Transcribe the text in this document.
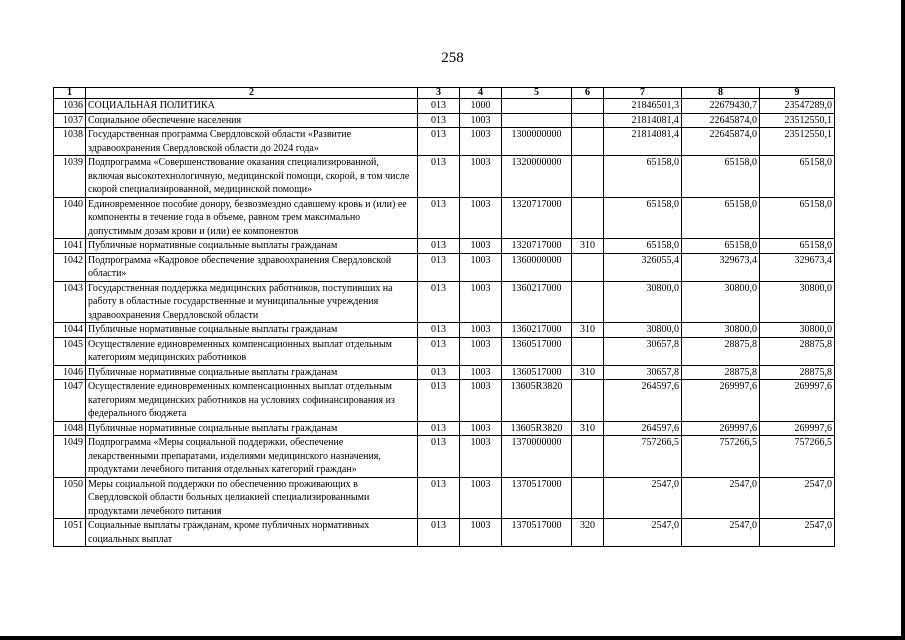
258
1	2	3	4	5	6	7	8	9
1036	СОЦИАЛЬНАЯ ПОЛИТИКА	013	1000			21846501,3	22679430,7	23547289,0
1037	Социальное обеспечение населения	013	1003			21814081,4	22645874,0	23512550,1
1038	Государственная программа Свердловской области «Развитие здравоохранения Свердловской области до 2024 года»	013	1003	1300000000		21814081,4	22645874,0	23512550,1
1039	Подпрограмма «Совершенствование оказания специализированной, включая высокотехнологичную, медицинской помощи, скорой, в том числе скорой специализированной, медицинской помощи»	013	1003	1320000000		65158,0	65158,0	65158,0
1040	Единовременное пособие донору, безвозмездно сдавшему кровь и (или) ее компоненты в течение года в объеме, равном трем максимально допустимым дозам крови и (или) ее компонентов	013	1003	1320717000		65158,0	65158,0	65158,0
1041	Публичные нормативные социальные выплаты гражданам	013	1003	1320717000	310	65158,0	65158,0	65158,0
1042	Подпрограмма «Кадровое обеспечение здравоохранения Свердловской области»	013	1003	1360000000		326055,4	329673,4	329673,4
1043	Государственная поддержка медицинских работников, поступивших на работу в областные государственные и муниципальные учреждения здравоохранения Свердловской области	013	1003	1360217000		30800,0	30800,0	30800,0
1044	Публичные нормативные социальные выплаты гражданам	013	1003	1360217000	310	30800,0	30800,0	30800,0
1045	Осуществление единовременных компенсационных выплат отдельным категориям медицинских работников	013	1003	1360517000		30657,8	28875,8	28875,8
1046	Публичные нормативные социальные выплаты гражданам	013	1003	1360517000	310	30657,8	28875,8	28875,8
1047	Осуществление единовременных компенсационных выплат отдельным категориям медицинских работников на условиях софинансирования из федерального бюджета	013	1003	13605R3820		264597,6	269997,6	269997,6
1048	Публичные нормативные социальные выплаты гражданам	013	1003	13605R3820	310	264597,6	269997,6	269997,6
1049	Подпрограмма «Меры социальной поддержки, обеспечение лекарственными препаратами, изделиями медицинского назначения, продуктами лечебного питания отдельных категорий граждан»	013	1003	1370000000		757266,5	757266,5	757266,5
1050	Меры социальной поддержки по обеспечению проживающих в Свердловской области больных целиакией специализированными продуктами лечебного питания	013	1003	1370517000		2547,0	2547,0	2547,0
1051	Социальные выплаты гражданам, кроме публичных нормативных социальных выплат	013	1003	1370517000	320	2547,0	2547,0	2547,0
